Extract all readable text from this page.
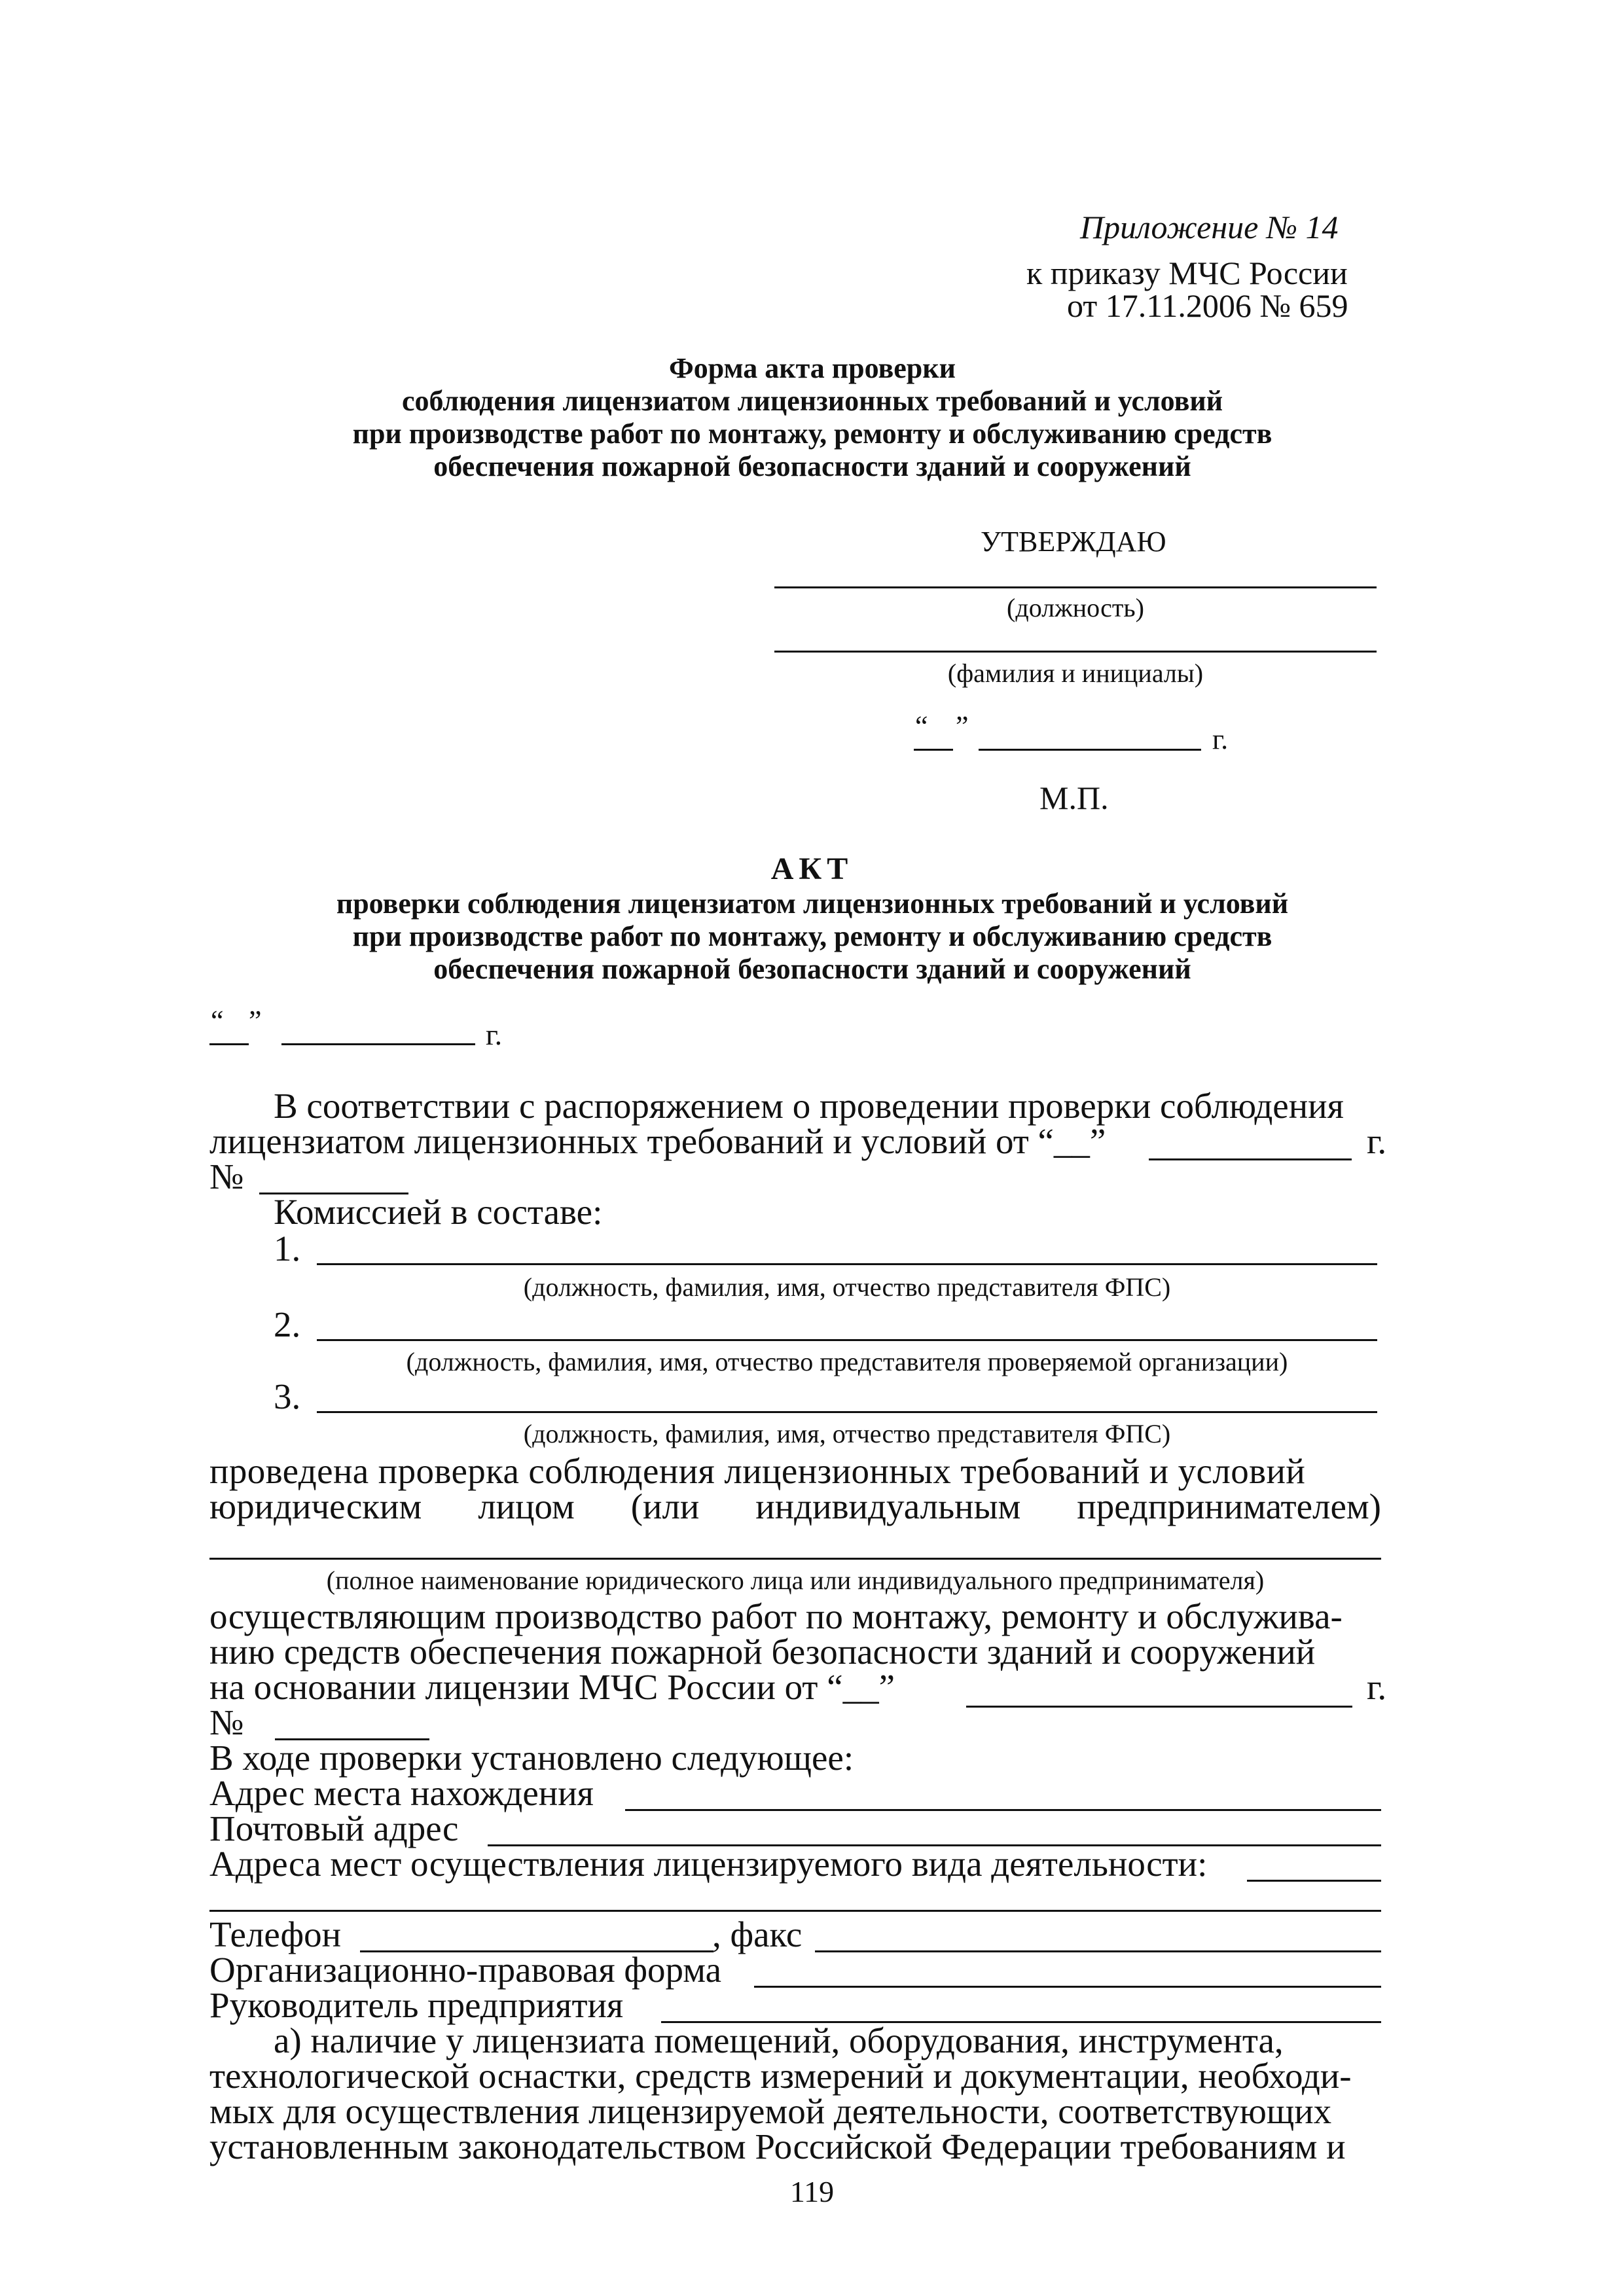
Приложение № 14
к приказу МЧС России
от 17.11.2006 № 659
Форма акта проверки
соблюдения лицензиатом лицензионных требований и условий
при производстве работ по монтажу, ремонту и обслуживанию средств
обеспечения пожарной безопасности зданий и сооружений
УТВЕРЖДАЮ
(должность)
(фамилия и инициалы)
“ ”	г.
М.П.
АКТ
проверки соблюдения лицензиатом лицензионных требований и условий
при производстве работ по монтажу, ремонту и обслуживанию средств
обеспечения пожарной безопасности зданий и сооружений
“ ”	г.
В соответствии с распоряжением о проведении проверки соблюдения
лицензиатом лицензионных требований и условий от “__”	г.
№
Комиссией в составе:
1.
(должность, фамилия, имя, отчество представителя ФПС)
2.
(должность, фамилия, имя, отчество представителя проверяемой организации)
3.
(должность, фамилия, имя, отчество представителя ФПС)
проведена проверка соблюдения лицензионных требований и условий
юридическим лицом (или индивидуальным предпринимателем)
(полное наименование юридического лица или индивидуального предпринимателя)
осуществляющим производство работ по монтажу, ремонту и обслужива-
нию средств обеспечения пожарной безопасности зданий и сооружений
на основании лицензии МЧС России от “__”	г.
№
В ходе проверки установлено следующее:
Адрес места нахождения
Почтовый адрес
Адреса мест осуществления лицензируемого вида деятельности:
Телефон	, факс
Организационно-правовая форма
Руководитель предприятия
а) наличие у лицензиата помещений, оборудования, инструмента,
технологической оснастки, средств измерений и документации, необходи-
мых для осуществления лицензируемой деятельности, соответствующих
установленным законодательством Российской Федерации требованиям и
119
